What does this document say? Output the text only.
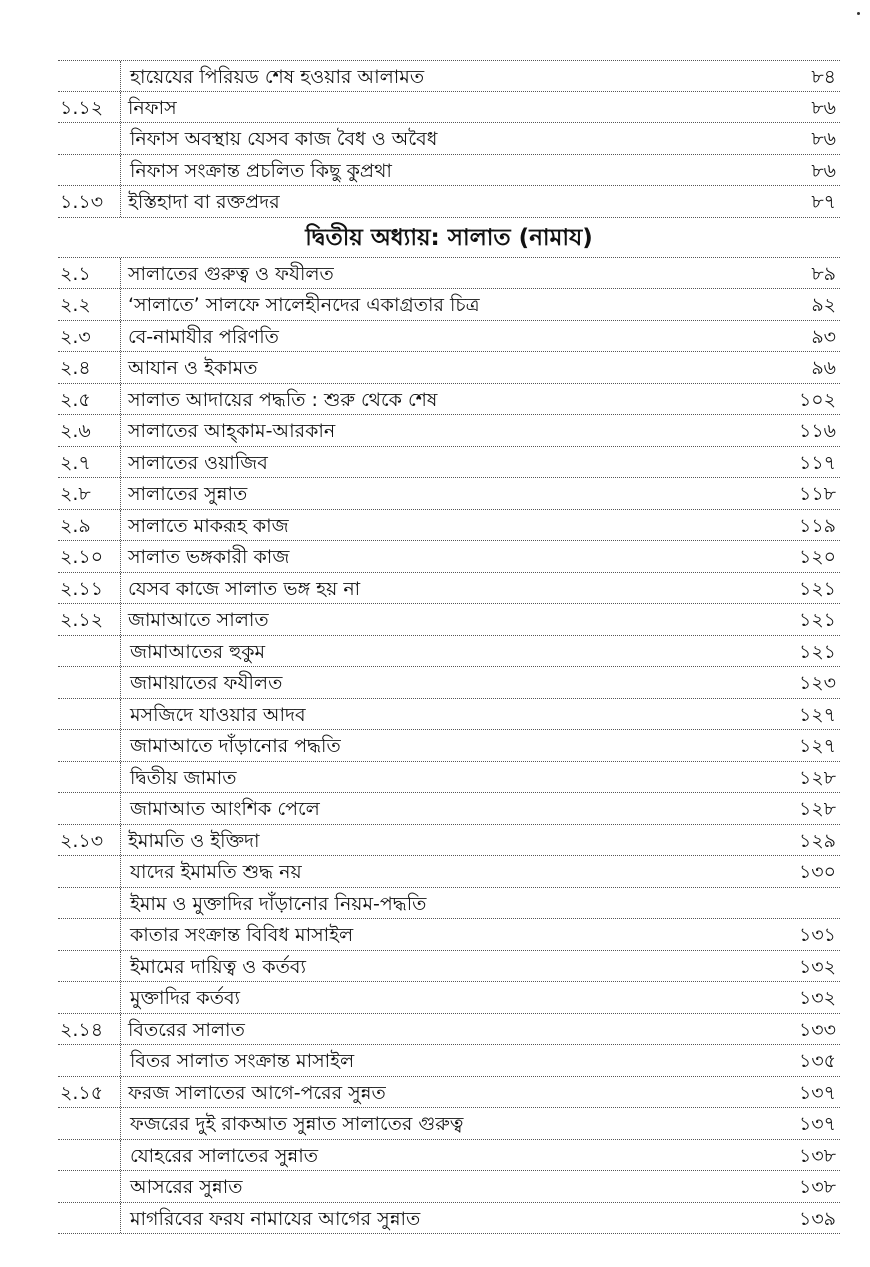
হায়েযের পিরিয়ড শেষ হওয়ার আলামত	৮৪
১.১২ নিফাস	৮৬
নিফাস অবস্থায় যেসব কাজ বৈধ ও অবৈধ	৮৬
নিফাস সংক্রান্ত প্রচলিত কিছু কুপ্রথা	৮৬
১.১৩ ইস্তিহাদা বা রক্তপ্রদর	৮৭
দ্বিতীয় অধ্যায়: সালাত (নামায)
২.১ সালাতের গুরুত্ব ও ফযীলত	৮৯
২.২ ‘সালাতে’ সালফে সালেহীনদের একাগ্রতার চিত্র	৯২
২.৩ বে-নামাযীর পরিণতি	৯৩
২.৪ আযান ও ইকামত	৯৬
২.৫ সালাত আদায়ের পদ্ধতি : শুরু থেকে শেষ	১০২
২.৬ সালাতের আহ্কাম-আরকান	১১৬
২.৭ সালাতের ওয়াজিব	১১৭
২.৮ সালাতের সুন্নাত	১১৮
২.৯ সালাতে মাকরূহ কাজ	১১৯
২.১০ সালাত ভঙ্গকারী কাজ	১২০
২.১১ যেসব কাজে সালাত ভঙ্গ হয় না	১২১
২.১২ জামাআতে সালাত	১২১
জামাআতের হুকুম	১২১
জামায়াতের ফযীলত	১২৩
মসজিদে যাওয়ার আদব	১২৭
জামাআতে দাঁড়ানোর পদ্ধতি	১২৭
দ্বিতীয় জামাত	১২৮
জামাআত আংশিক পেলে	১২৮
২.১৩ ইমামতি ও ইক্তিদা	১২৯
যাদের ইমামতি শুদ্ধ নয়	১৩০
ইমাম ও মুক্তাদির দাঁড়ানোর নিয়ম-পদ্ধতি
কাতার সংক্রান্ত বিবিধ মাসাইল	১৩১
ইমামের দায়িত্ব ও কর্তব্য	১৩২
মুক্তাদির কর্তব্য	১৩২
২.১৪ বিতরের সালাত	১৩৩
বিতর সালাত সংক্রান্ত মাসাইল	১৩৫
২.১৫ ফরজ সালাতের আগে-পরের সুন্নত	১৩৭
ফজরের দুই রাকআত সুন্নাত সালাতের গুরুত্ব	১৩৭
যোহরের সালাতের সুন্নাত	১৩৮
আসরের সুন্নাত	১৩৮
মাগরিবের ফরয নামাযের আগের সুন্নাত	১৩৯
